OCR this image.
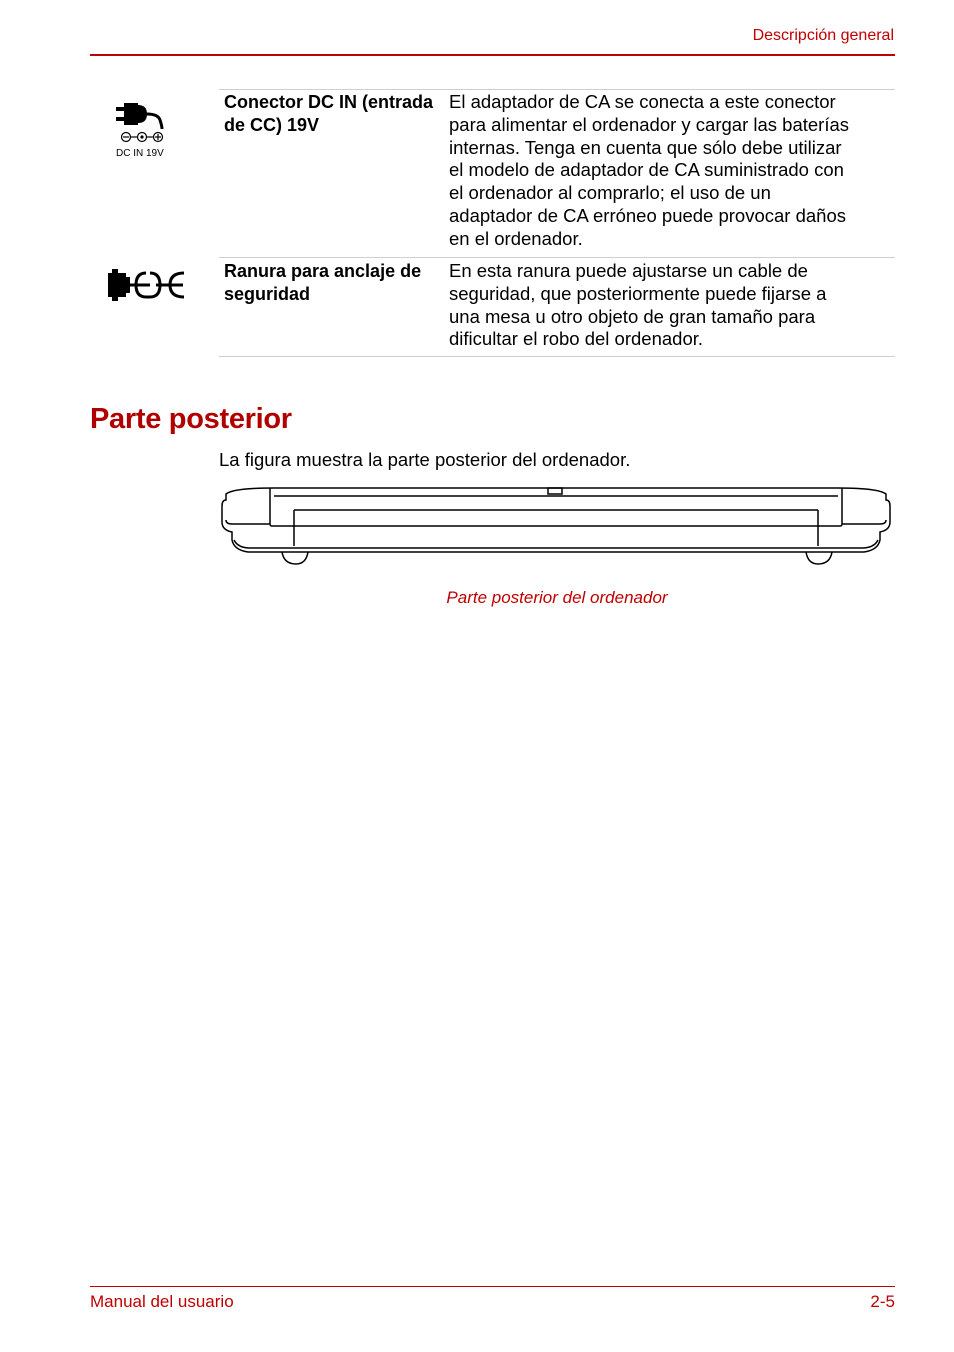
Descripción general
DC IN 19V
Conector DC IN (entrada de CC) 19V
El adaptador de CA se conecta a este conector
para alimentar el ordenador y cargar las baterías
internas. Tenga en cuenta que sólo debe utilizar
el modelo de adaptador de CA suministrado con
el ordenador al comprarlo; el uso de un
adaptador de CA erróneo puede provocar daños
en el ordenador.
Ranura para anclaje de seguridad
En esta ranura puede ajustarse un cable de
seguridad, que posteriormente puede fijarse a
una mesa u otro objeto de gran tamaño para
dificultar el robo del ordenador.
Parte posterior
La figura muestra la parte posterior del ordenador.
Parte posterior del ordenador
Manual del usuario	2-5
